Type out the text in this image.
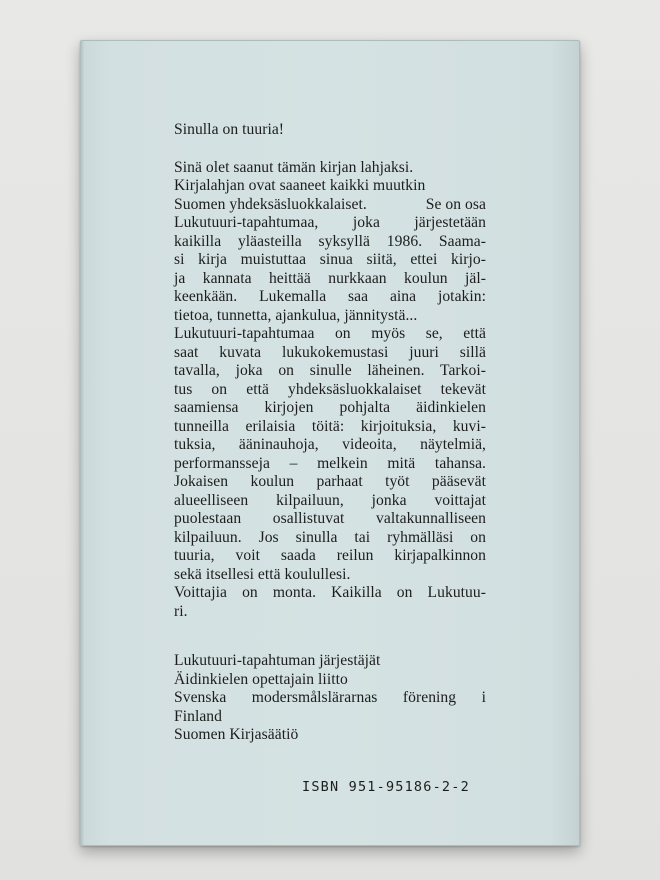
Sinulla on tuuria!

Sinä olet saanut tämän kirjan lahjaksi.

Kirjalahjan ovat saaneet kaikki muutkin

Suomen yhdeksäsluokkalaiset.	Se on osa

Lukutuuri-tapahtumaa, joka järjestetään

kaikilla yläasteilla syksyllä 1986. Saama-

si kirja muistuttaa sinua siitä, ettei kirjo-

ja kannata heittää nurkkaan koulun jäl-

keenkään. Lukemalla saa aina jotakin:

tietoa, tunnetta, ajankulua, jännitystä...

Lukutuuri-tapahtumaa on myös se, että

saat kuvata lukukokemustasi juuri sillä

tavalla, joka on sinulle läheinen. Tarkoi-

tus on että yhdeksäsluokkalaiset tekevät

saamiensa kirjojen pohjalta äidinkielen

tunneilla erilaisia töitä: kirjoituksia, kuvi-

tuksia, ääninauhoja, videoita, näytelmiä,

performansseja – melkein mitä tahansa.

Jokaisen koulun parhaat työt pääsevät

alueelliseen kilpailuun, jonka voittajat

puolestaan osallistuvat valtakunnalliseen

kilpailuun. Jos sinulla tai ryhmälläsi on

tuuria, voit saada reilun kirjapalkinnon

sekä itsellesi että koulullesi.

Voittajia on monta. Kaikilla on Lukutuu-

ri.

Lukutuuri-tapahtuman järjestäjät

Äidinkielen opettajain liitto

Svenska modersmålslärarnas förening i

Finland

Suomen Kirjasäätiö

ISBN 951-95186-2-2
